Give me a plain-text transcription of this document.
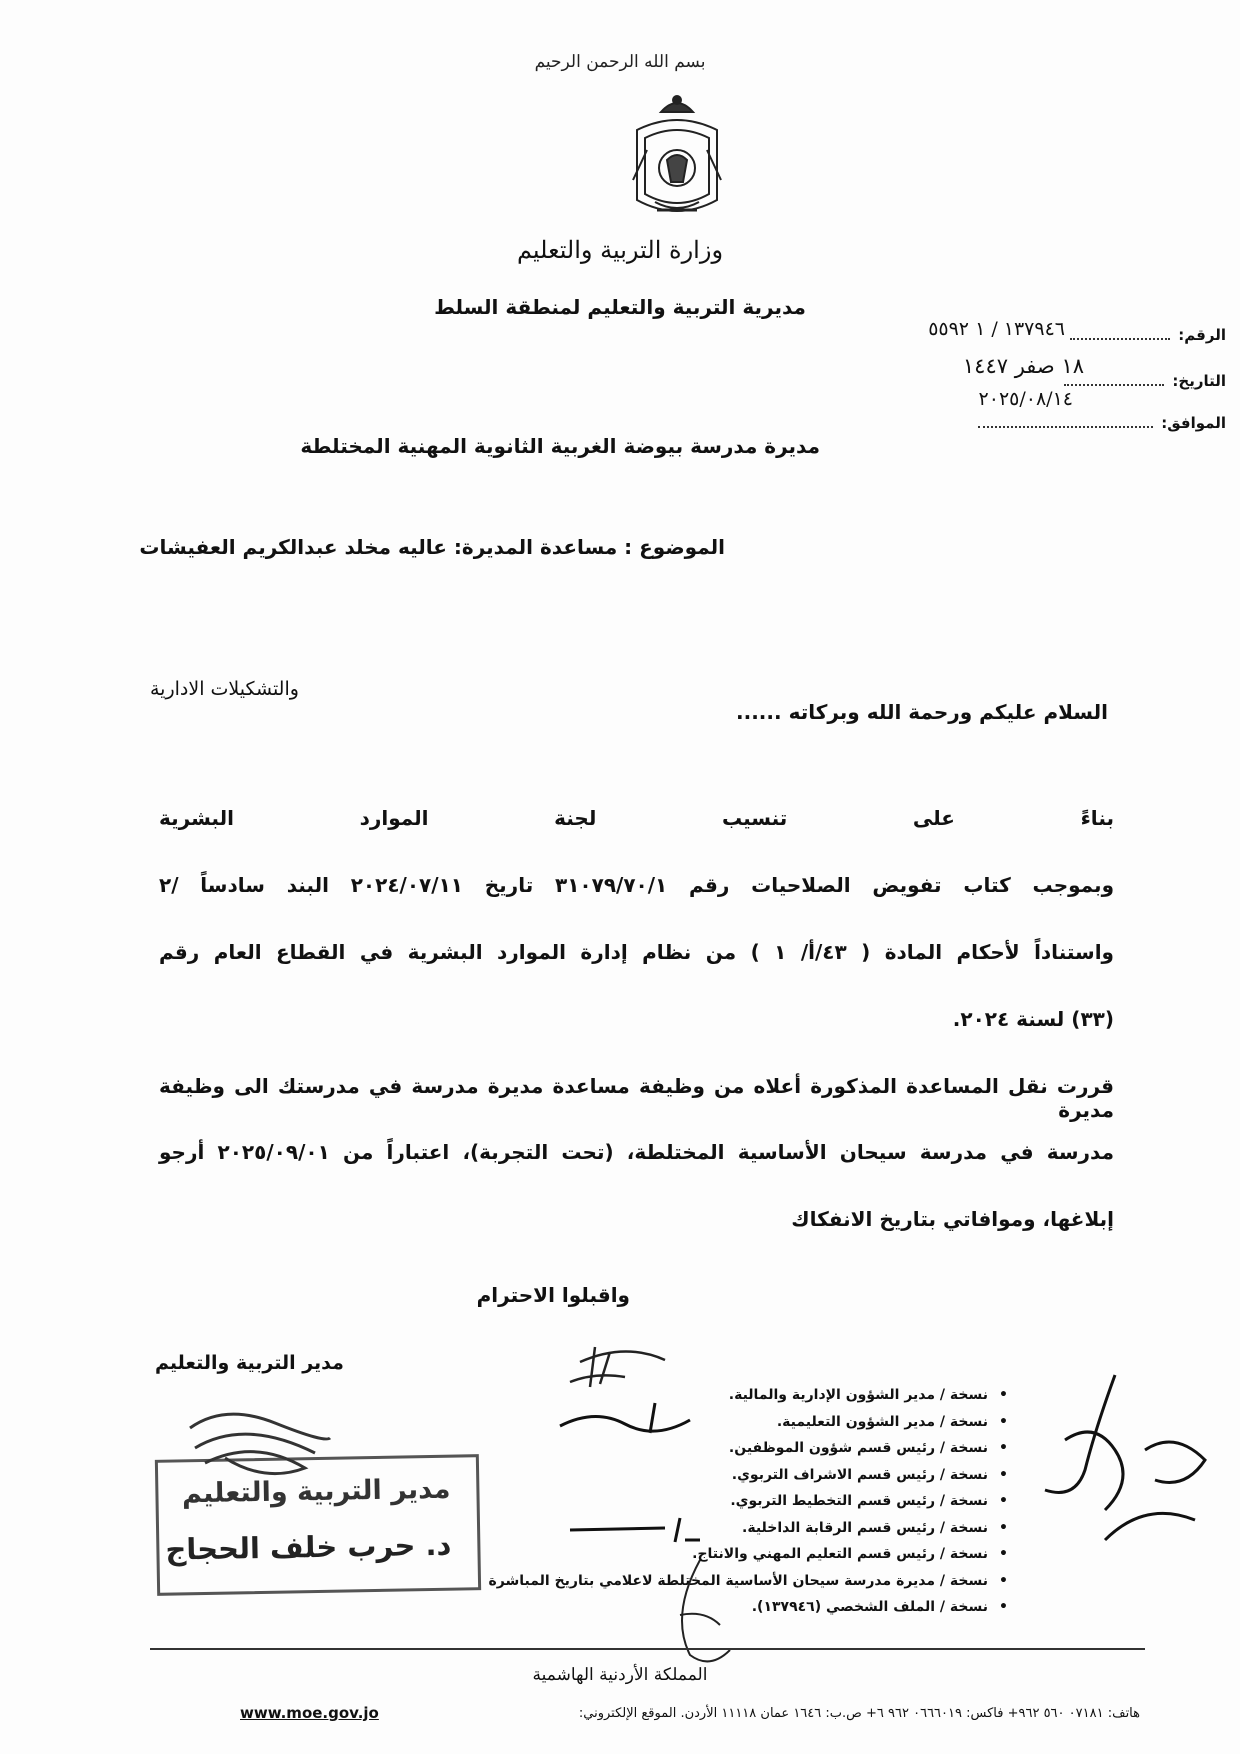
بسم الله الرحمن الرحيم
وزارة التربية والتعليم
مديرية التربية والتعليم لمنطقة السلط
الرقم:
١٣٧٩٤٦ / ١ ٥٥٩٢
التاريخ:
١٨ صفر ١٤٤٧
٢٠٢٥/٠٨/١٤
الموافق:
مديرة مدرسة بيوضة الغربية الثانوية المهنية المختلطة
الموضوع : مساعدة المديرة: عاليه مخلد عبدالكريم العفيشات
والتشكيلات الادارية
السلام عليكم ورحمة الله وبركاته ......
بناءً على تنسيب لجنة الموارد البشرية
وبموجب كتاب تفويض الصلاحيات رقم ٣١٠٧٩/٧٠/١ تاريخ ٢٠٢٤/٠٧/١١ البند سادساً /٢
واستناداً لأحكام المادة ( ٤٣/أ/ ١ ) من نظام إدارة الموارد البشرية في القطاع العام رقم
(٣٣) لسنة ٢٠٢٤.
قررت نقل المساعدة المذكورة أعلاه من وظيفة مساعدة مديرة مدرسة في مدرستك الى وظيفة مديرة
مدرسة في مدرسة سيحان الأساسية المختلطة، (تحت التجربة)، اعتباراً من ٢٠٢٥/٠٩/٠١ أرجو
إبلاغها، وموافاتي بتاريخ الانفكاك
واقبلوا الاحترام
مدير التربية والتعليم
مدير التربية والتعليم
د. حرب خلف الحجاج
•
نسخة / مدير الشؤون الإدارية والمالية.
•
نسخة / مدير الشؤون التعليمية.
•
نسخة / رئيس قسم شؤون الموظفين.
•
نسخة / رئيس قسم الاشراف التربوي.
•
نسخة / رئيس قسم التخطيط التربوي.
•
نسخة / رئيس قسم الرقابة الداخلية.
•
نسخة / رئيس قسم التعليم المهني والانتاج.
•
نسخة / مديرة مدرسة سيحان الأساسية المختلطة لاعلامي بتاريخ المباشرة
•
نسخة / الملف الشخصي (١٣٧٩٤٦).
المملكة الأردنية الهاشمية
هاتف: ٠٧١٨١ ٥٦٠ ٩٦٢+ فاكس: ٠٦٦٦٠١٩ ٩٦٢ ٦+ ص.ب: ١٦٤٦ عمان ١١١١٨ الأردن. الموقع الإلكتروني:
www.moe.gov.jo
